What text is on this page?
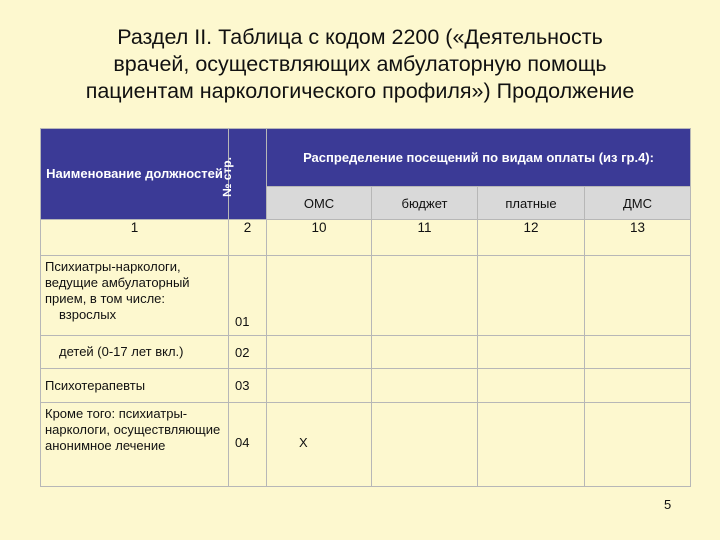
Раздел II. Таблица с кодом 2200 («Деятельность
врачей, осуществляющих амбулаторную помощь
пациентам наркологического профиля») Продолжение
Наименование должностей	№ стр.	Распределение посещений по видам оплаты (из гр.4):			
		ОМС	бюджет	платные	ДМС
1	2	10	11	12	13

Психиатры-наркологи, ведущие амбулаторный прием, в том числе:
взрослых	01				

детей (0-17 лет вкл.)	02				

Психотерапевты	03				

Кроме того: психиатры-наркологи, осуществляющие анонимное лечение	04	X			
5
